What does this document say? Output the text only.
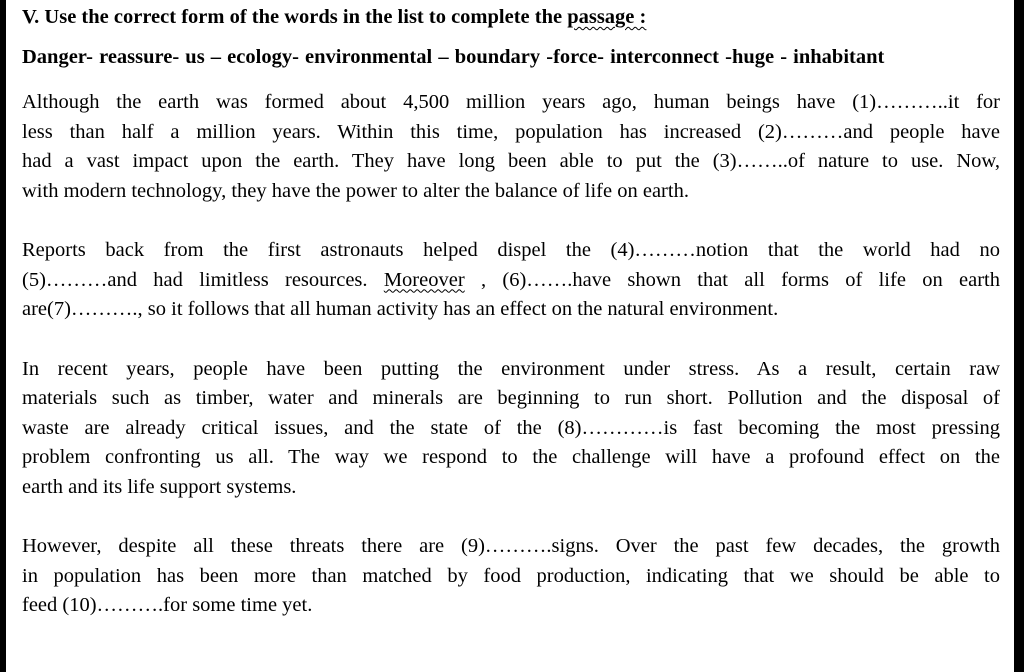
V. Use the correct form of the words in the list to complete the passage :

Danger- reassure- us – ecology- environmental – boundary -force- interconnect -huge - inhabitant

Although the earth was formed about 4,500 million years ago, human beings have (1)………..it for
less than half a million years. Within this time, population has increased (2)………and people have
had a vast impact upon the earth. They have long been able to put the (3)……..of nature to use. Now,
with modern technology, they have the power to alter the balance of life on earth.
Reports back from the first astronauts helped dispel the (4)………notion that the world had no
(5)………and had limitless resources. Moreover , (6)…….have shown that all forms of life on earth
are(7)………., so it follows that all human activity has an effect on the natural environment.
In recent years, people have been putting the environment under stress. As a result, certain raw
materials such as timber, water and minerals are beginning to run short. Pollution and the disposal of
waste are already critical issues, and the state of the (8)…………is fast becoming the most pressing
problem confronting us all. The way we respond to the challenge will have a profound effect on the
earth and its life support systems.
However, despite all these threats there are (9)……….signs. Over the past few decades, the growth
in population has been more than matched by food production, indicating that we should be able to
feed (10)……….for some time yet.
